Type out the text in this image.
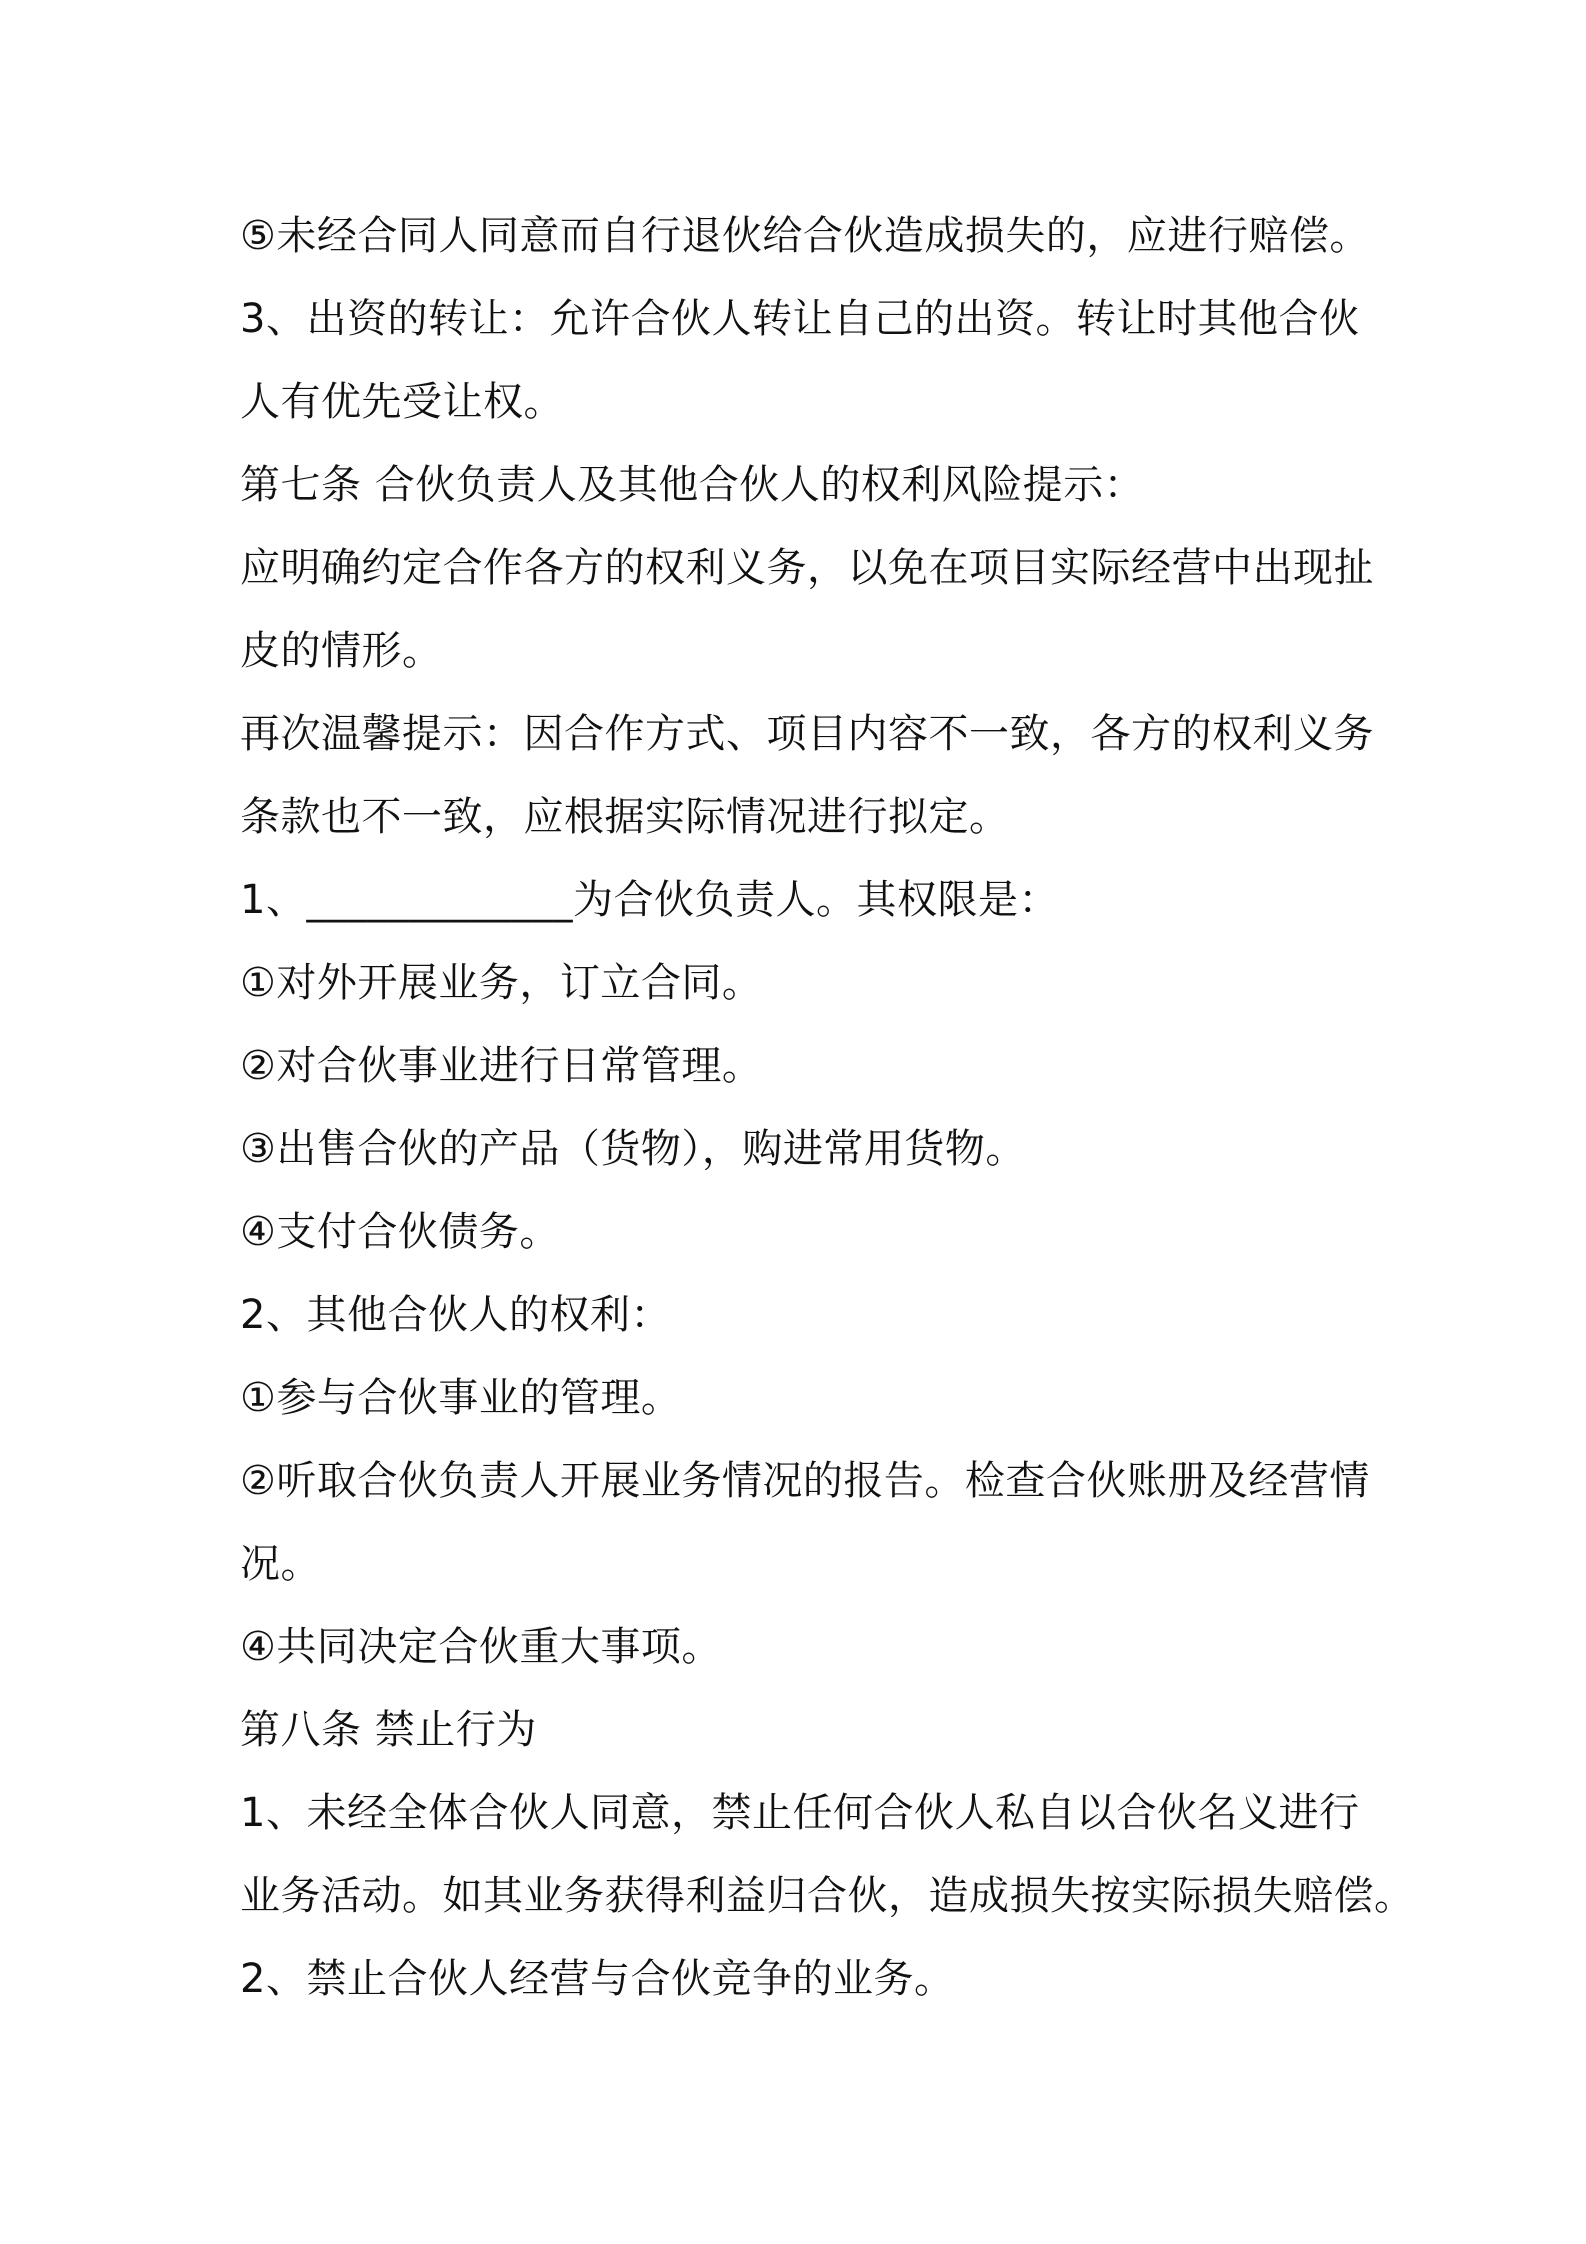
⑤未经合同人同意而自行退伙给合伙造成损失的，应进行赔偿。
3、出资的转让：允许合伙人转让自己的出资。转让时其他合伙
人有优先受让权。
第七条 合伙负责人及其他合伙人的权利风险提示：
应明确约定合作各方的权利义务，以免在项目实际经营中出现扯
皮的情形。
再次温馨提示：因合作方式、项目内容不一致，各方的权利义务
条款也不一致，应根据实际情况进行拟定。
1、_____________为合伙负责人。其权限是：
①对外开展业务，订立合同。
②对合伙事业进行日常管理。
③出售合伙的产品（货物），购进常用货物。
④支付合伙债务。
2、其他合伙人的权利：
①参与合伙事业的管理。
②听取合伙负责人开展业务情况的报告。检查合伙账册及经营情
况。
④共同决定合伙重大事项。
第八条 禁止行为
1、未经全体合伙人同意，禁止任何合伙人私自以合伙名义进行
业务活动。如其业务获得利益归合伙，造成损失按实际损失赔偿。
2、禁止合伙人经营与合伙竞争的业务。
